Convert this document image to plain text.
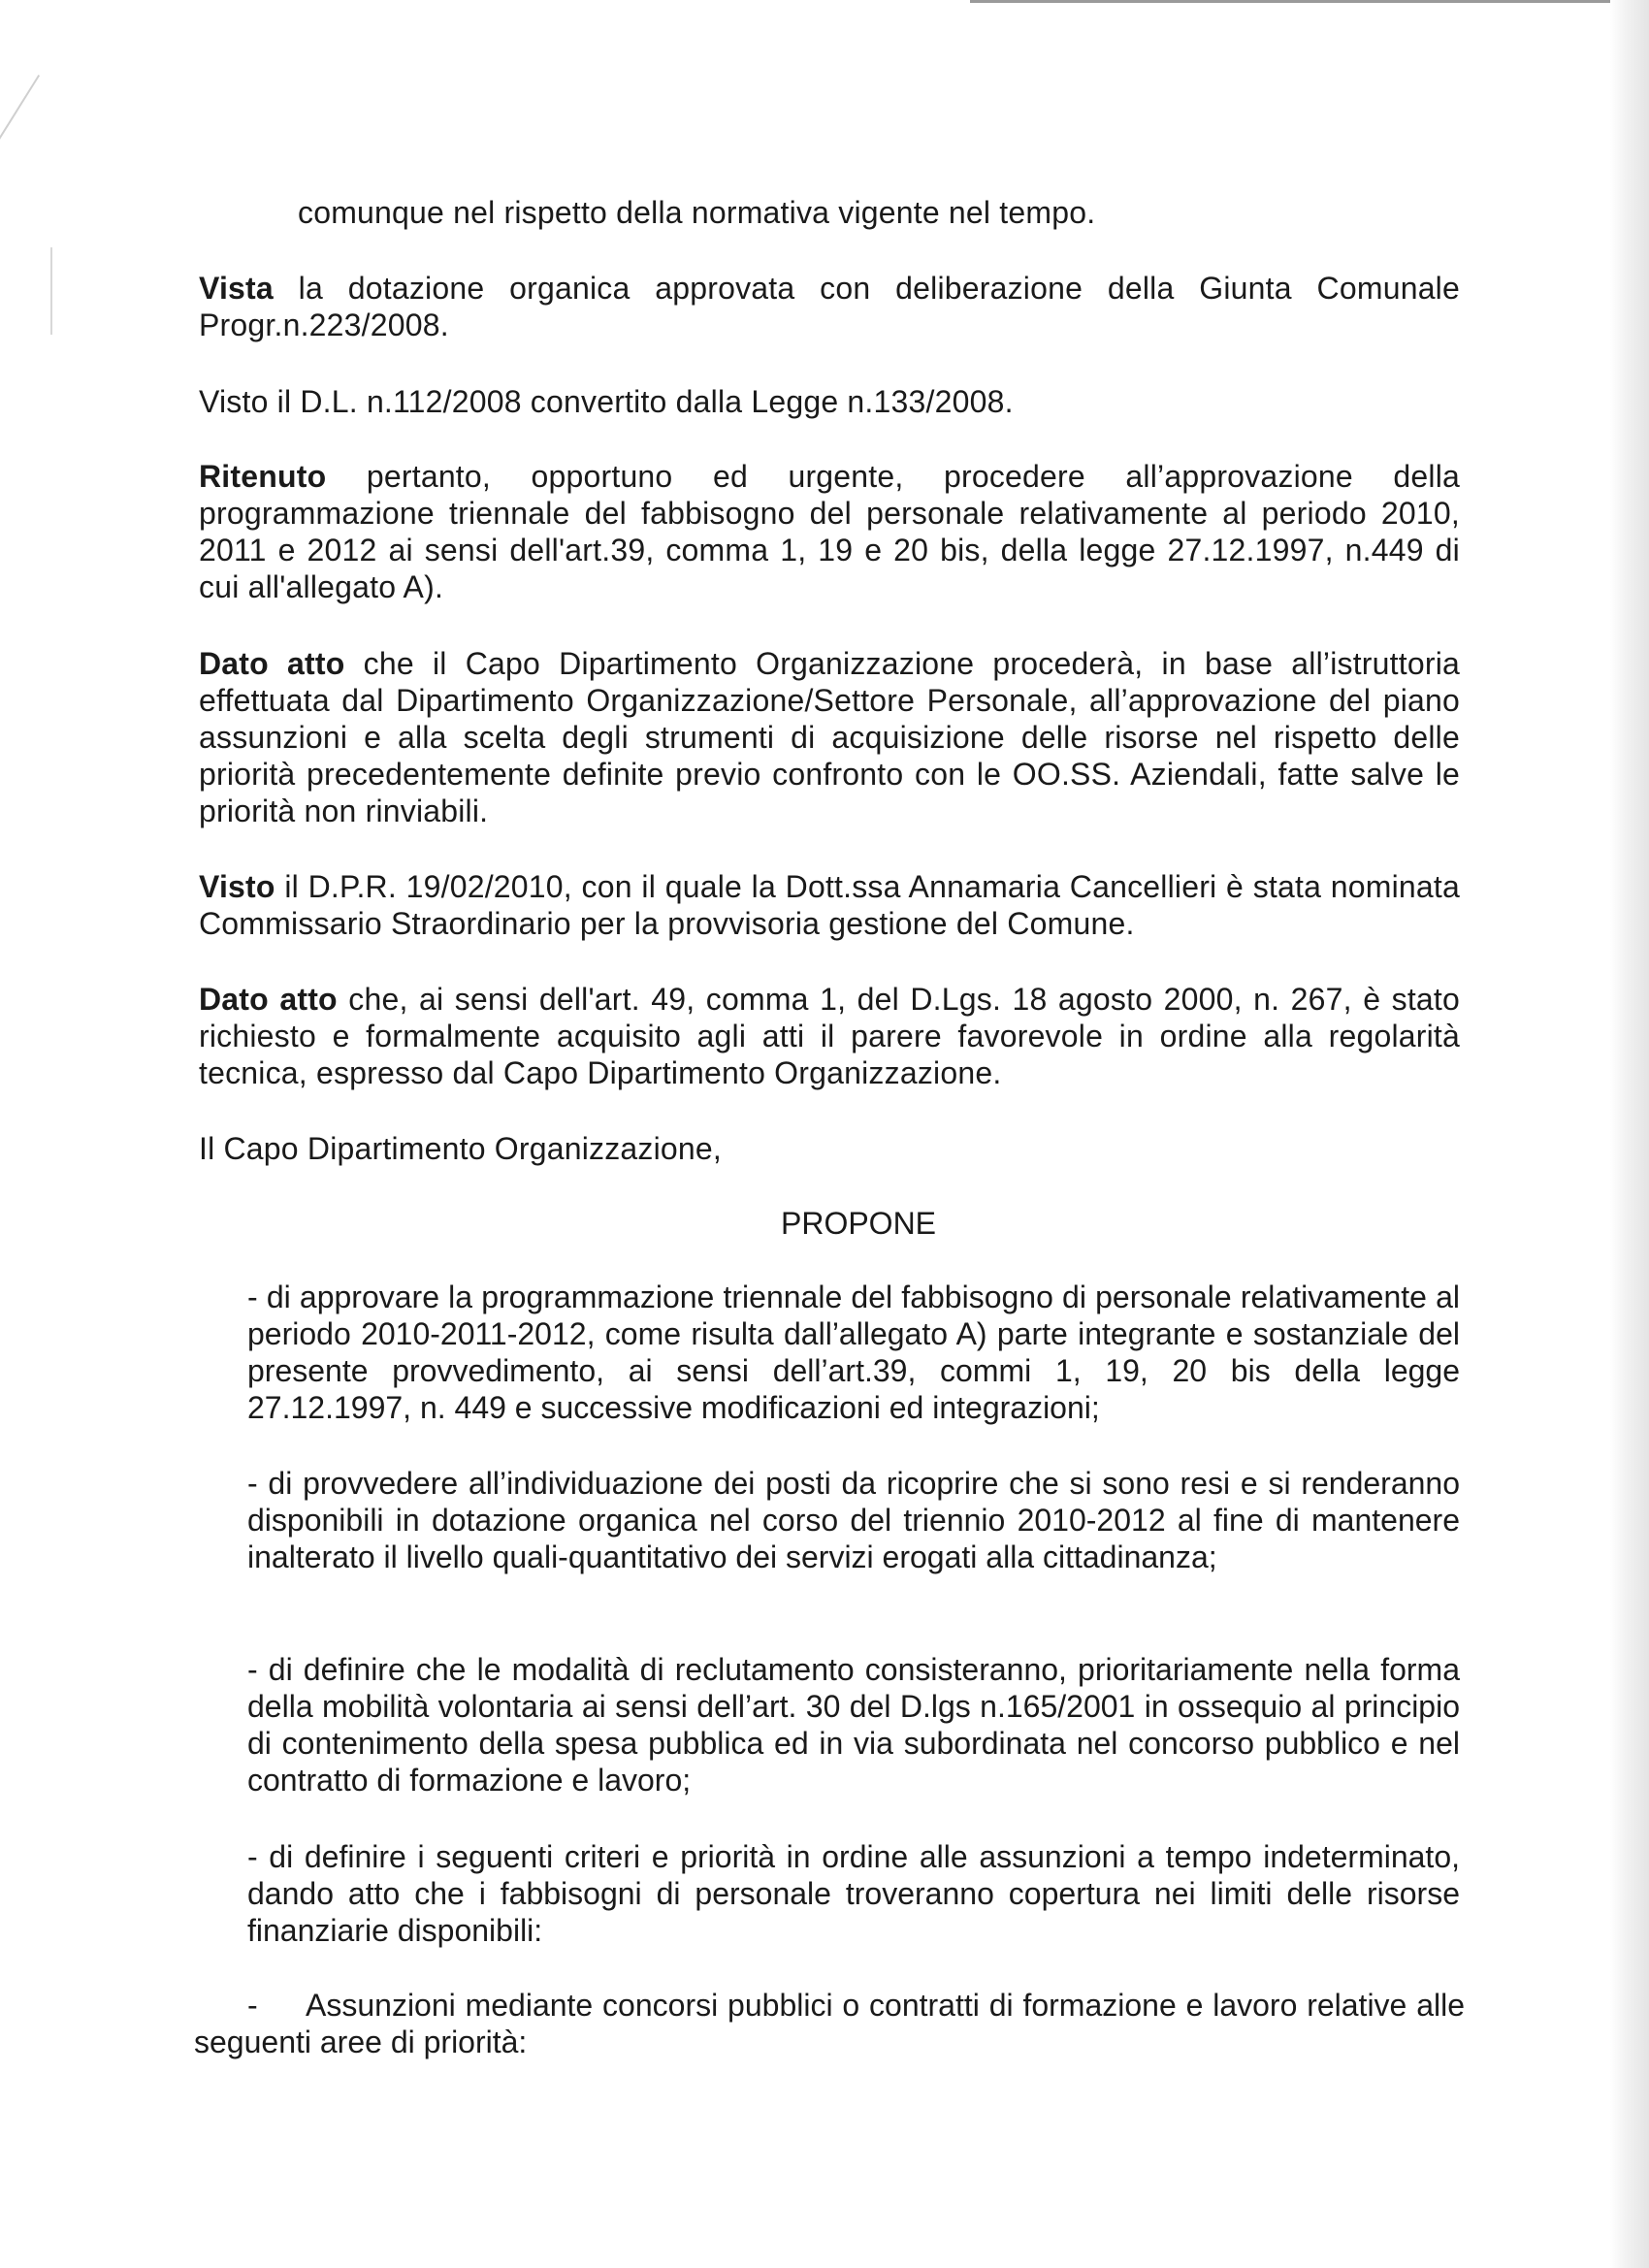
comunque nel rispetto della normativa vigente nel tempo.
Vista la dotazione organica approvata con deliberazione della Giunta Comunale Progr.n.223/2008.
Visto il D.L. n.112/2008 convertito dalla Legge n.133/2008.
Ritenuto pertanto, opportuno ed urgente, procedere all’approvazione della programmazione triennale del fabbisogno del personale relativamente al periodo 2010, 2011 e 2012 ai sensi dell'art.39, comma 1, 19 e 20 bis, della legge 27.12.1997, n.449 di cui all'allegato A).
Dato atto che il Capo Dipartimento Organizzazione procederà, in base all’istruttoria effettuata dal Dipartimento Organizzazione/Settore Personale, all’approvazione del piano assunzioni e alla scelta degli strumenti di acquisizione delle risorse nel rispetto delle priorità precedentemente definite previo confronto con le OO.SS. Aziendali, fatte salve le priorità non rinviabili.
Visto il D.P.R. 19/02/2010, con il quale la Dott.ssa Annamaria Cancellieri è stata nominata Commissario Straordinario per la provvisoria gestione del Comune.
Dato atto che, ai sensi dell'art. 49, comma 1, del D.Lgs. 18 agosto 2000, n. 267, è stato richiesto e formalmente acquisito agli atti il parere favorevole in ordine alla regolarità tecnica, espresso dal Capo Dipartimento Organizzazione.
Il Capo Dipartimento Organizzazione,
PROPONE
- di approvare la programmazione triennale del fabbisogno di personale relativamente al periodo 2010-2011-2012, come risulta dall’allegato A) parte integrante e sostanziale del presente provvedimento, ai sensi dell’art.39, commi 1, 19, 20 bis della legge 27.12.1997, n. 449 e successive modificazioni ed integrazioni;
- di provvedere all’individuazione dei posti da ricoprire che si sono resi e si renderanno disponibili in dotazione organica nel corso del triennio 2010-2012 al fine di mantenere inalterato il livello quali-quantitativo dei servizi erogati alla cittadinanza;
- di definire che le modalità di reclutamento consisteranno, prioritariamente nella forma della mobilità volontaria ai sensi dell’art. 30 del D.lgs n.165/2001 in ossequio al principio di contenimento della spesa pubblica ed in via subordinata nel concorso pubblico e nel contratto di formazione e lavoro;
- di definire i seguenti criteri e priorità in ordine alle assunzioni a tempo indeterminato, dando atto che i fabbisogni di personale troveranno copertura nei limiti delle risorse finanziarie disponibili:
- Assunzioni mediante concorsi pubblici o contratti di formazione e lavoro relative alle seguenti aree di priorità:
